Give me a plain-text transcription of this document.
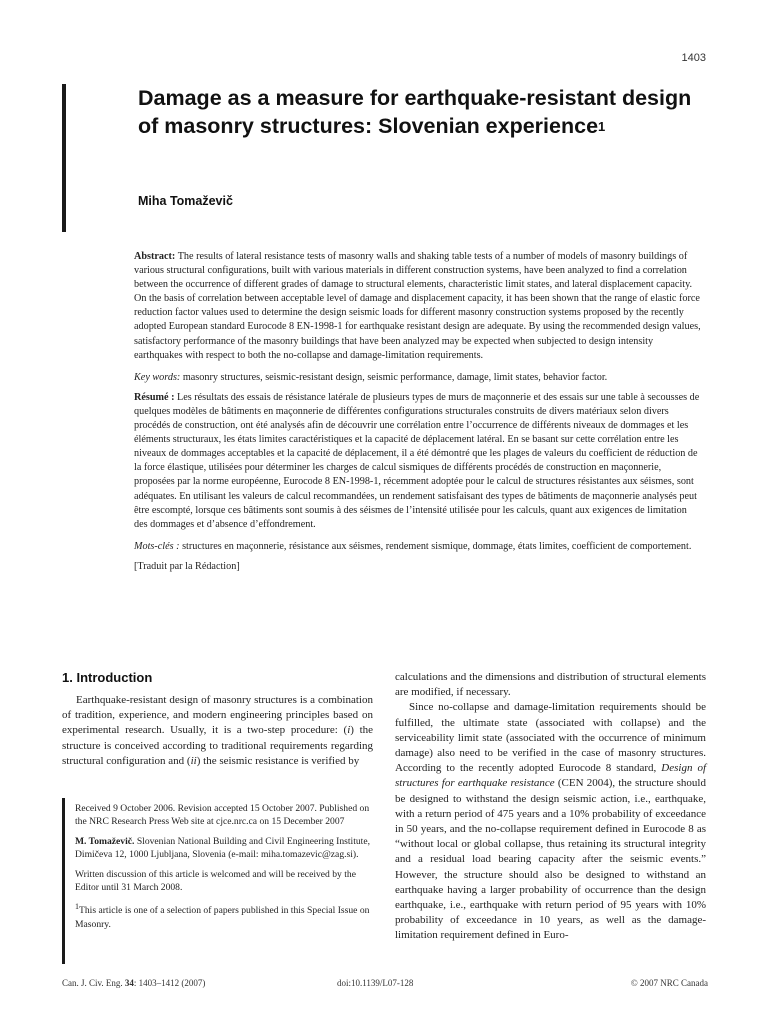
1403
Damage as a measure for earthquake-resistant design of masonry structures: Slovenian experience$^1$
Miha Tomaževič

Abstract: The results of lateral resistance tests of masonry walls and shaking table tests of a number of models of masonry buildings of various structural configurations, built with various materials in different construction systems, have been analyzed to find a correlation between the occurrence of different grades of damage to structural elements, characteristic limit states, and lateral displacement capacity. On the basis of correlation between acceptable level of damage and displacement capacity, it has been shown that the range of elastic force reduction factor values used to determine the design seismic loads for different masonry construction systems proposed by the recently adopted European standard Eurocode 8 EN-1998-1 for earthquake resistant design are adequate. By using the recommended design values, satisfactory performance of the masonry buildings that have been analyzed may be expected when subjected to design intensity earthquakes with respect to both the no-collapse and damage-limitation requirements.

Key words: masonry structures, seismic-resistant design, seismic performance, damage, limit states, behavior factor.

Résumé : Les résultats des essais de résistance latérale de plusieurs types de murs de maçonnerie et des essais sur une table à secousses de quelques modèles de bâtiments en maçonnerie de différentes configurations structurales construits de divers matériaux selon divers procédés de construction, ont été analysés afin de découvrir une corrélation entre l’occurrence de différents niveaux de dommages et les éléments structuraux, les états limites caractéristiques et la capacité de déplacement latéral. En se basant sur cette corrélation entre les niveaux de dommages acceptables et la capacité de déplacement, il a été démontré que les plages de valeurs du coefficient de réduction de la force élastique, utilisées pour déterminer les charges de calcul sismiques de différents procédés de construction en maçonnerie, proposées par la norme européenne, Eurocode 8 EN-1998-1, récemment adoptée pour le calcul de structures résistantes aux séismes, sont adéquates. En utilisant les valeurs de calcul recommandées, un rendement satisfaisant des types de bâtiments de maçonnerie analysés peut être escompté, lorsque ces bâtiments sont soumis à des séismes de l’intensité utilisée pour les calculs, quant aux exigences de limitation des dommages et d’absence d’effondrement.

Mots-clés : structures en maçonnerie, résistance aux séismes, rendement sismique, dommage, états limites, coefficient de comportement.

[Traduit par la Rédaction]

1. Introduction

Earthquake-resistant design of masonry structures is a combination of tradition, experience, and modern engineering principles based on experimental research. Usually, it is a two-step procedure: (i) the structure is conceived according to traditional requirements regarding structural configuration and (ii) the seismic resistance is verified by

Received 9 October 2006. Revision accepted 15 October 2007. Published on the NRC Research Press Web site at cjce.nrc.ca on 15 December 2007

M. Tomaževič. Slovenian National Building and Civil Engineering Institute, Dimičeva 12, 1000 Ljubljana, Slovenia (e-mail: miha.tomazevic@zag.si).

Written discussion of this article is welcomed and will be received by the Editor until 31 March 2008.

$^1$This article is one of a selection of papers published in this Special Issue on Masonry.

calculations and the dimensions and distribution of structural elements are modified, if necessary.

Since no-collapse and damage-limitation requirements should be fulfilled, the ultimate state (associated with collapse) and the serviceability limit state (associated with the occurrence of minimum damage) also need to be verified in the case of masonry structures. According to the recently adopted Eurocode 8 standard, Design of structures for earthquake resistance (CEN 2004), the structure should be designed to withstand the design seismic action, i.e., earthquake, with a return period of 475 years and a 10% probability of exceedance in 50 years, and the no-collapse requirement defined in Eurocode 8 as “without local or global collapse, thus retaining its structural integrity and a residual load bearing capacity after the seismic events.” However, the structure should also be designed to withstand an earthquake having a larger probability of occurrence than the design earthquake, i.e., earthquake with return period of 95 years with 10% probability of exceedance in 10 years, as well as the damage-limitation requirement defined in Euro-

Can. J. Civ. Eng. 34: 1403–1412 (2007)	doi:10.1139/L07-128	© 2007 NRC Canada
